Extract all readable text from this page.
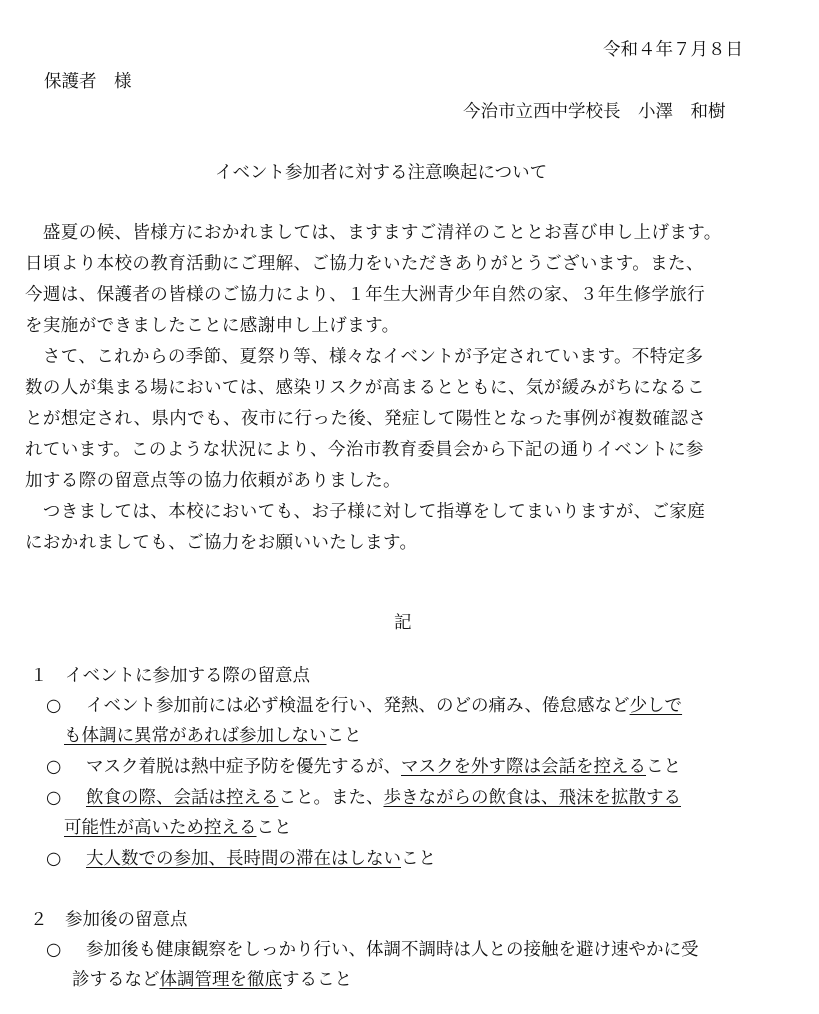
令和４年７月８日
保護者　様
今治市立西中学校長　小澤　和樹
イベント参加者に対する注意喚起について
　盛夏の候、皆様方におかれましては、ますますご清祥のこととお喜び申し上げます。
日頃より本校の教育活動にご理解、ご協力をいただきありがとうございます。また、
今週は、保護者の皆様のご協力により、１年生大洲青少年自然の家、３年生修学旅行
を実施ができましたことに感謝申し上げます。
　さて、これからの季節、夏祭り等、様々なイベントが予定されています。不特定多
数の人が集まる場においては、感染リスクが高まるとともに、気が緩みがちになるこ
とが想定され、県内でも、夜市に行った後、発症して陽性となった事例が複数確認さ
れています。このような状況により、今治市教育委員会から下記の通りイベントに参
加する際の留意点等の協力依頼がありました。
　つきましては、本校においても、お子様に対して指導をしてまいりますが、ご家庭
におかれましても、ご協力をお願いいたします。
記
１　イベントに参加する際の留意点
○ イベント参加前には必ず検温を行い、発熱、のどの痛み、倦怠感など少しで
も体調に異常があれば参加しないこと
○ マスク着脱は熱中症予防を優先するが、マスクを外す際は会話を控えること
○ 飲食の際、会話は控えること。また、歩きながらの飲食は、飛沫を拡散する
可能性が高いため控えること
○ 大人数での参加、長時間の滞在はしないこと
２　参加後の留意点
○ 参加後も健康観察をしっかり行い、体調不調時は人との接触を避け速やかに受
診するなど体調管理を徹底すること
